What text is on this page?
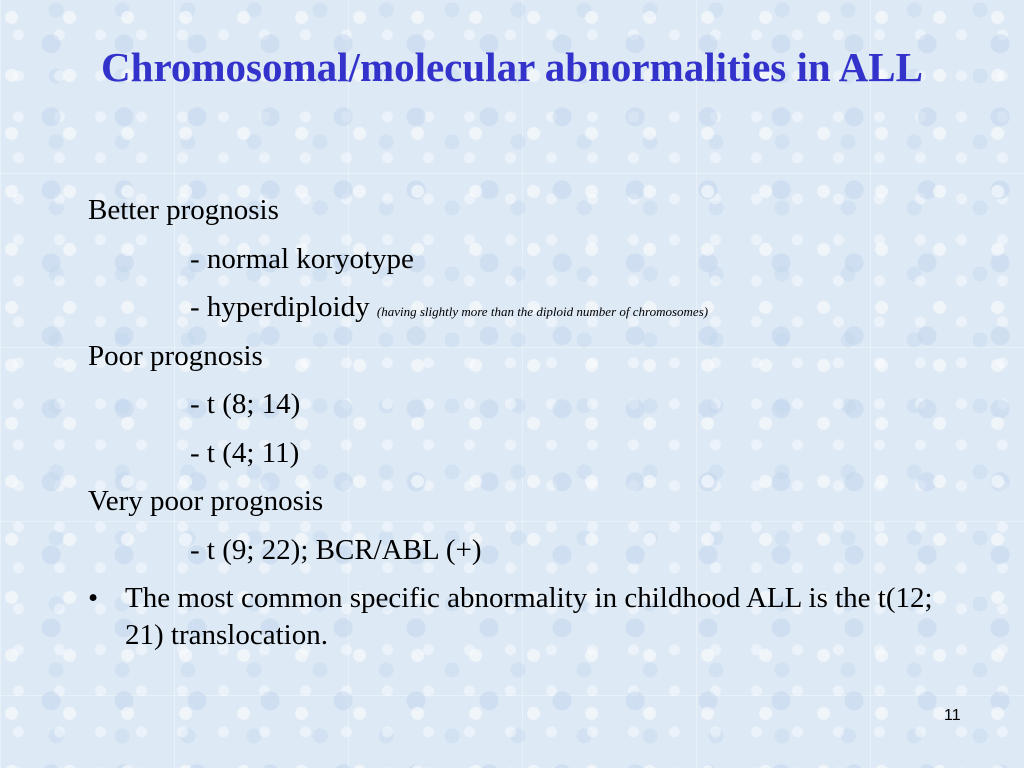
Chromosomal/molecular abnormalities in ALL
Better prognosis
- normal koryotype
- hyperdiploidy (having slightly more than the diploid number of chromosomes)
Poor prognosis
- t (8; 14)
- t (4; 11)
Very poor prognosis
- t (9; 22); BCR/ABL (+)
• The most common specific abnormality in childhood ALL is the t(12; 21) translocation.
11
